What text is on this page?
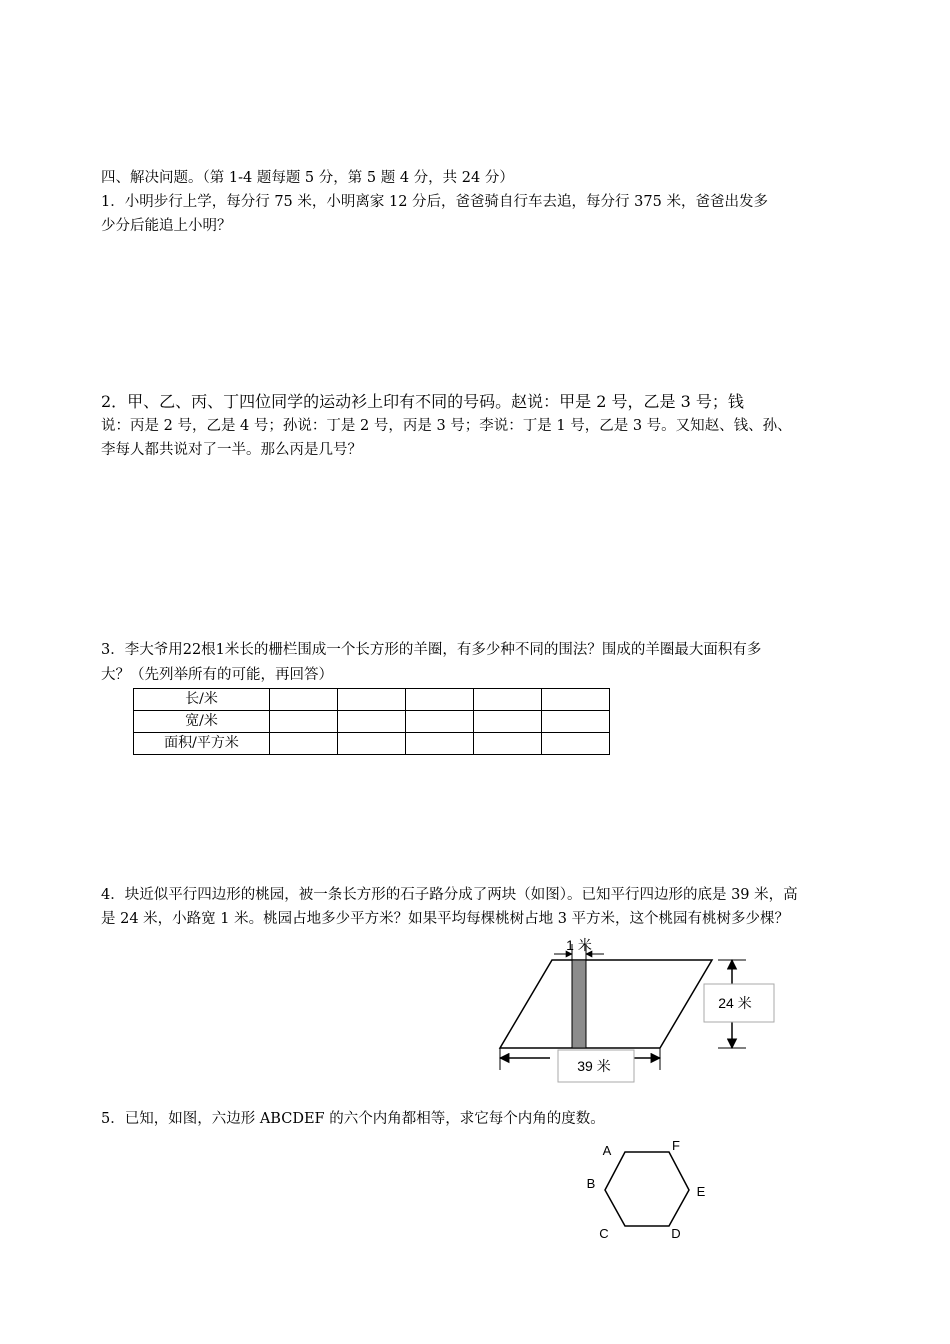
四、解决问题。（第 1-4 题每题 5 分，第 5 题 4 分，共 24 分）

1．小明步行上学，每分行 75 米，小明离家 12 分后，爸爸骑自行车去追，每分行 375 米，爸爸出发多

少分后能追上小明？

2．甲、乙、丙、丁四位同学的运动衫上印有不同的号码。赵说：甲是 2 号，乙是 3 号；钱

说：丙是 2 号，乙是 4 号；孙说：丁是 2 号，丙是 3 号；李说：丁是 1 号，乙是 3 号。又知赵、钱、孙、

李每人都共说对了一半。那么丙是几号？

3．李大爷用22根1米长的栅栏围成一个长方形的羊圈，有多少种不同的围法？围成的羊圈最大面积有多

大？（先列举所有的可能，再回答）

长/米					
宽/米					
面积/平方米					

4．块近似平行四边形的桃园，被一条长方形的石子路分成了两块（如图）。已知平行四边形的底是 39 米，高

是 24 米，小路宽 1 米。桃园占地多少平方米？如果平均每棵桃树占地 3 平方米，这个桃园有桃树多少棵？

1 米
24 米
39 米

5．已知，如图，六边形 ABCDEF 的六个内角都相等，求它每个内角的度数。

A
B
C	D
E
F
